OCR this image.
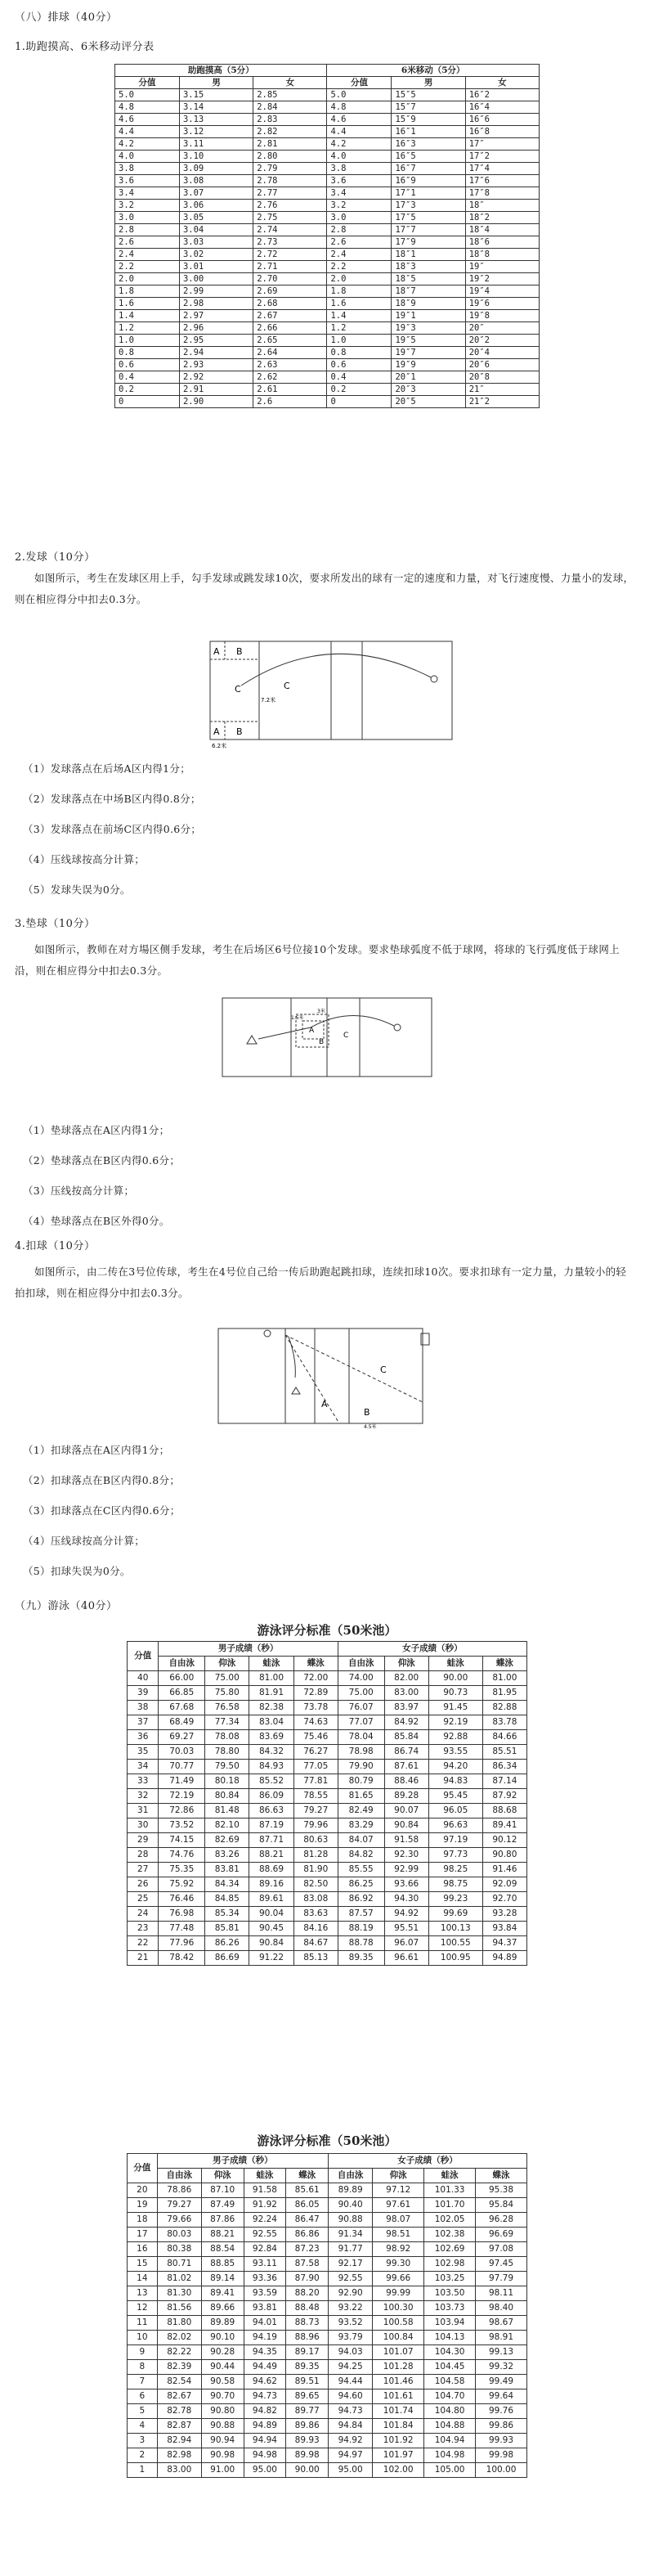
（八）排球（40分）
1.助跑摸高、6米移动评分表
助跑摸高（5分）			6米移动（5分）		
分值	男	女	分值	男	女
5.0	3.15	2.85	5.0	15″5	16″2
4.8	3.14	2.84	4.8	15″7	16″4
4.6	3.13	2.83	4.6	15″9	16″6
4.4	3.12	2.82	4.4	16″1	16″8
4.2	3.11	2.81	4.2	16″3	17″
4.0	3.10	2.80	4.0	16″5	17″2
3.8	3.09	2.79	3.8	16″7	17″4
3.6	3.08	2.78	3.6	16″9	17″6
3.4	3.07	2.77	3.4	17″1	17″8
3.2	3.06	2.76	3.2	17″3	18″
3.0	3.05	2.75	3.0	17″5	18″2
2.8	3.04	2.74	2.8	17″7	18″4
2.6	3.03	2.73	2.6	17″9	18″6
2.4	3.02	2.72	2.4	18″1	18″8
2.2	3.01	2.71	2.2	18″3	19″
2.0	3.00	2.70	2.0	18″5	19″2
1.8	2.99	2.69	1.8	18″7	19″4
1.6	2.98	2.68	1.6	18″9	19″6
1.4	2.97	2.67	1.4	19″1	19″8
1.2	2.96	2.66	1.2	19″3	20″
1.0	2.95	2.65	1.0	19″5	20″2
0.8	2.94	2.64	0.8	19″7	20″4
0.6	2.93	2.63	0.6	19″9	20″6
0.4	2.92	2.62	0.4	20″1	20″8
0.2	2.91	2.61	0.2	20″3	21″
0	2.90	2.6	0	20″5	21″2
2.发球（10分）
如图所示，考生在发球区用上手，勾手发球或跳发球10次，要求所发出的球有一定的速度和力量，对飞行速度慢、力量小的发球，则在相应得分中扣去0.3分。
A B
A B
C
C
7.2米
6.2米
（1）发球落点在后场A区内得1分；
（2）发球落点在中场B区内得0.8分；
（3）发球落点在前场C区内得0.6分；
（4）压线球按高分计算；
（5）发球失误为0分。
3.垫球（10分）
如图所示，教师在对方場区侧手发球，考生在后场区6号位接10个发球。要求垫球弧度不低于球网，将球的飞行弧度低于球网上沿，则在相应得分中扣去0.3分。
A
B
C
1.5米
3米
（1）垫球落点在A区内得1分；
（2）垫球落点在B区内得0.6分；
（3）压线按高分计算；
（4）垫球落点在B区外得0分。
4.扣球（10分）
如图所示，由二传在3号位传球，考生在4号位自己给一传后助跑起跳扣球，连续扣球10次。要求扣球有一定力量，力量较小的轻拍扣球，则在相应得分中扣去0.3分。
A
B
C
4.5米
（1）扣球落点在A区内得1分；
（2）扣球落点在B区内得0.8分；
（3）扣球落点在C区内得0.6分；
（4）压线球按高分计算；
（5）扣球失误为0分。
（九）游泳（40分）
游泳评分标准（50米池）
分值	男子成绩（秒）				女子成绩（秒）			
	自由泳	仰泳	蛙泳	蝶泳	自由泳	仰泳	蛙泳	蝶泳
40	66.00	75.00	81.00	72.00	74.00	82.00	90.00	81.00
39	66.85	75.80	81.91	72.89	75.00	83.00	90.73	81.95
38	67.68	76.58	82.38	73.78	76.07	83.97	91.45	82.88
37	68.49	77.34	83.04	74.63	77.07	84.92	92.19	83.78
36	69.27	78.08	83.69	75.46	78.04	85.84	92.88	84.66
35	70.03	78.80	84.32	76.27	78.98	86.74	93.55	85.51
34	70.77	79.50	84.93	77.05	79.90	87.61	94.20	86.34
33	71.49	80.18	85.52	77.81	80.79	88.46	94.83	87.14
32	72.19	80.84	86.09	78.55	81.65	89.28	95.45	87.92
31	72.86	81.48	86.63	79.27	82.49	90.07	96.05	88.68
30	73.52	82.10	87.19	79.96	83.29	90.84	96.63	89.41
29	74.15	82.69	87.71	80.63	84.07	91.58	97.19	90.12
28	74.76	83.26	88.21	81.28	84.82	92.30	97.73	90.80
27	75.35	83.81	88.69	81.90	85.55	92.99	98.25	91.46
26	75.92	84.34	89.16	82.50	86.25	93.66	98.75	92.09
25	76.46	84.85	89.61	83.08	86.92	94.30	99.23	92.70
24	76.98	85.34	90.04	83.63	87.57	94.92	99.69	93.28
23	77.48	85.81	90.45	84.16	88.19	95.51	100.13	93.84
22	77.96	86.26	90.84	84.67	88.78	96.07	100.55	94.37
21	78.42	86.69	91.22	85.13	89.35	96.61	100.95	94.89
游泳评分标准（50米池）
分值	男子成绩（秒）				女子成绩（秒）			
	自由泳	仰泳	蛙泳	蝶泳	自由泳	仰泳	蛙泳	蝶泳
20	78.86	87.10	91.58	85.61	89.89	97.12	101.33	95.38
19	79.27	87.49	91.92	86.05	90.40	97.61	101.70	95.84
18	79.66	87.86	92.24	86.47	90.88	98.07	102.05	96.28
17	80.03	88.21	92.55	86.86	91.34	98.51	102.38	96.69
16	80.38	88.54	92.84	87.23	91.77	98.92	102.69	97.08
15	80.71	88.85	93.11	87.58	92.17	99.30	102.98	97.45
14	81.02	89.14	93.36	87.90	92.55	99.66	103.25	97.79
13	81.30	89.41	93.59	88.20	92.90	99.99	103.50	98.11
12	81.56	89.66	93.81	88.48	93.22	100.30	103.73	98.40
11	81.80	89.89	94.01	88.73	93.52	100.58	103.94	98.67
10	82.02	90.10	94.19	88.96	93.79	100.84	104.13	98.91
9	82.22	90.28	94.35	89.17	94.03	101.07	104.30	99.13
8	82.39	90.44	94.49	89.35	94.25	101.28	104.45	99.32
7	82.54	90.58	94.62	89.51	94.44	101.46	104.58	99.49
6	82.67	90.70	94.73	89.65	94.60	101.61	104.70	99.64
5	82.78	90.80	94.82	89.77	94.73	101.74	104.80	99.76
4	82.87	90.88	94.89	89.86	94.84	101.84	104.88	99.86
3	82.94	90.94	94.94	89.93	94.92	101.92	104.94	99.93
2	82.98	90.98	94.98	89.98	94.97	101.97	104.98	99.98
1	83.00	91.00	95.00	90.00	95.00	102.00	105.00	100.00
